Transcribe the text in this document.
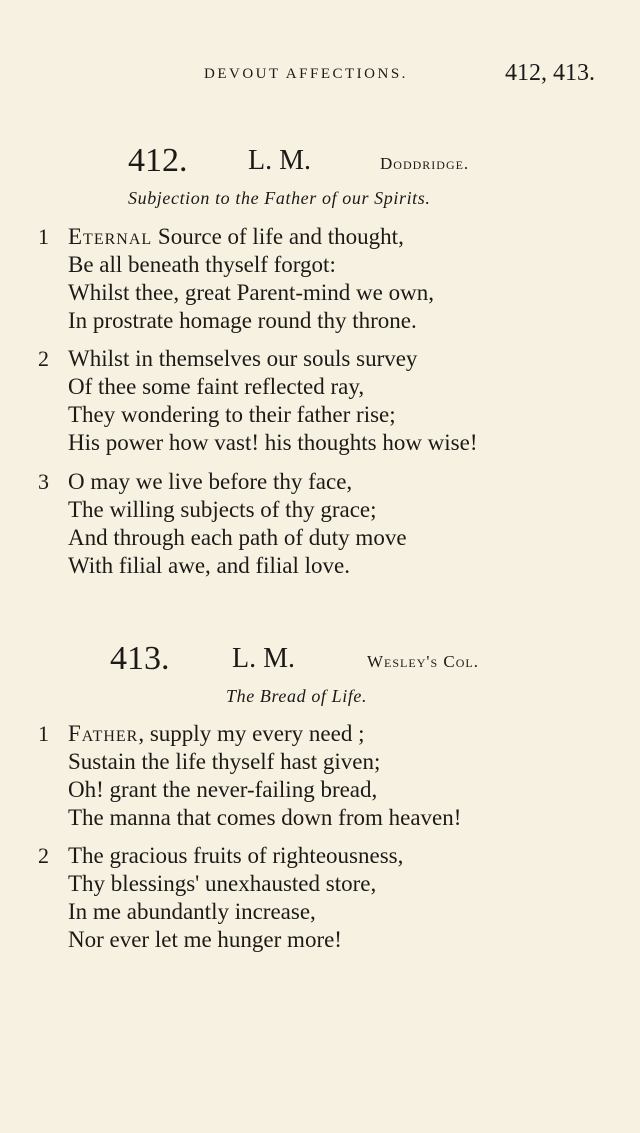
DEVOUT AFFECTIONS.	412, 413.
412. L. M.	Doddridge.
Subjection to the Father of our Spirits.
1 Eternal Source of life and thought,
Be all beneath thyself forgot:
Whilst thee, great Parent-mind we own,
In prostrate homage round thy throne.
2 Whilst in themselves our souls survey
Of thee some faint reflected ray,
They wondering to their father rise;
His power how vast! his thoughts how wise!
3 O may we live before thy face,
The willing subjects of thy grace;
And through each path of duty move
With filial awe, and filial love.
413. L. M.	Wesley's Col.
The Bread of Life.
1 Father, supply my every need ;
Sustain the life thyself hast given;
Oh! grant the never-failing bread,
The manna that comes down from heaven!
2 The gracious fruits of righteousness,
Thy blessings' unexhausted store,
In me abundantly increase,
Nor ever let me hunger more!
